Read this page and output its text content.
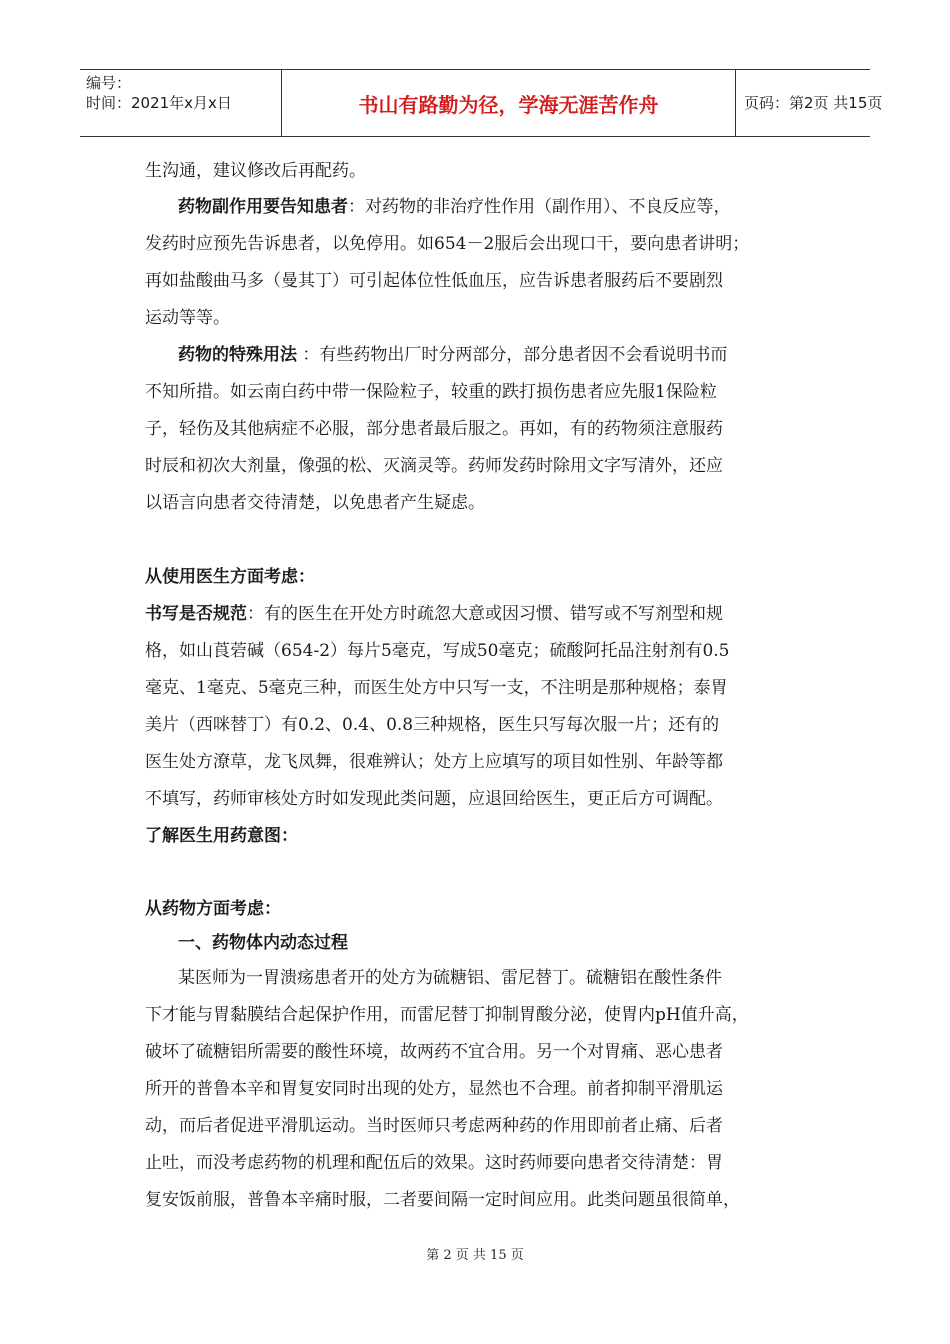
编号：
时间：2021年x月x日	书山有路勤为径，学海无涯苦作舟	页码：第2页 共15页
生沟通，建议修改后再配药。
药物副作用要告知患者：对药物的非治疗性作用（副作用）、不良反应等，
发药时应预先告诉患者，以免停用。如654－2服后会出现口干，要向患者讲明；
再如盐酸曲马多（曼其丁）可引起体位性低血压，应告诉患者服药后不要剧烈
运动等等。
药物的特殊用法 ：有些药物出厂时分两部分，部分患者因不会看说明书而
不知所措。如云南白药中带一保险粒子，较重的跌打损伤患者应先服1保险粒
子，轻伤及其他病症不必服，部分患者最后服之。再如，有的药物须注意服药
时辰和初次大剂量，像强的松、灭滴灵等。药师发药时除用文字写清外，还应
以语言向患者交待清楚，以免患者产生疑虑。
从使用医生方面考虑：
书写是否规范：有的医生在开处方时疏忽大意或因习惯、错写或不写剂型和规
格，如山莨菪碱（654-2）每片5毫克，写成50毫克；硫酸阿托品注射剂有0.5
毫克、1毫克、5毫克三种，而医生处方中只写一支，不注明是那种规格；泰胃
美片（西咪替丁）有0.2、0.4、0.8三种规格，医生只写每次服一片；还有的
医生处方潦草，龙飞凤舞，很难辨认；处方上应填写的项目如性别、年龄等都
不填写，药师审核处方时如发现此类问题，应退回给医生，更正后方可调配。
了解医生用药意图：
从药物方面考虑：
一、药物体内动态过程
某医师为一胃溃疡患者开的处方为硫糖铝、雷尼替丁。硫糖铝在酸性条件
下才能与胃黏膜结合起保护作用，而雷尼替丁抑制胃酸分泌，使胃内pH值升高，
破坏了硫糖铝所需要的酸性环境，故两药不宜合用。另一个对胃痛、恶心患者
所开的普鲁本辛和胃复安同时出现的处方，显然也不合理。前者抑制平滑肌运
动，而后者促进平滑肌运动。当时医师只考虑两种药的作用即前者止痛、后者
止吐，而没考虑药物的机理和配伍后的效果。这时药师要向患者交待清楚：胃
复安饭前服，普鲁本辛痛时服，二者要间隔一定时间应用。此类问题虽很简单，
第 2 页 共 15 页
